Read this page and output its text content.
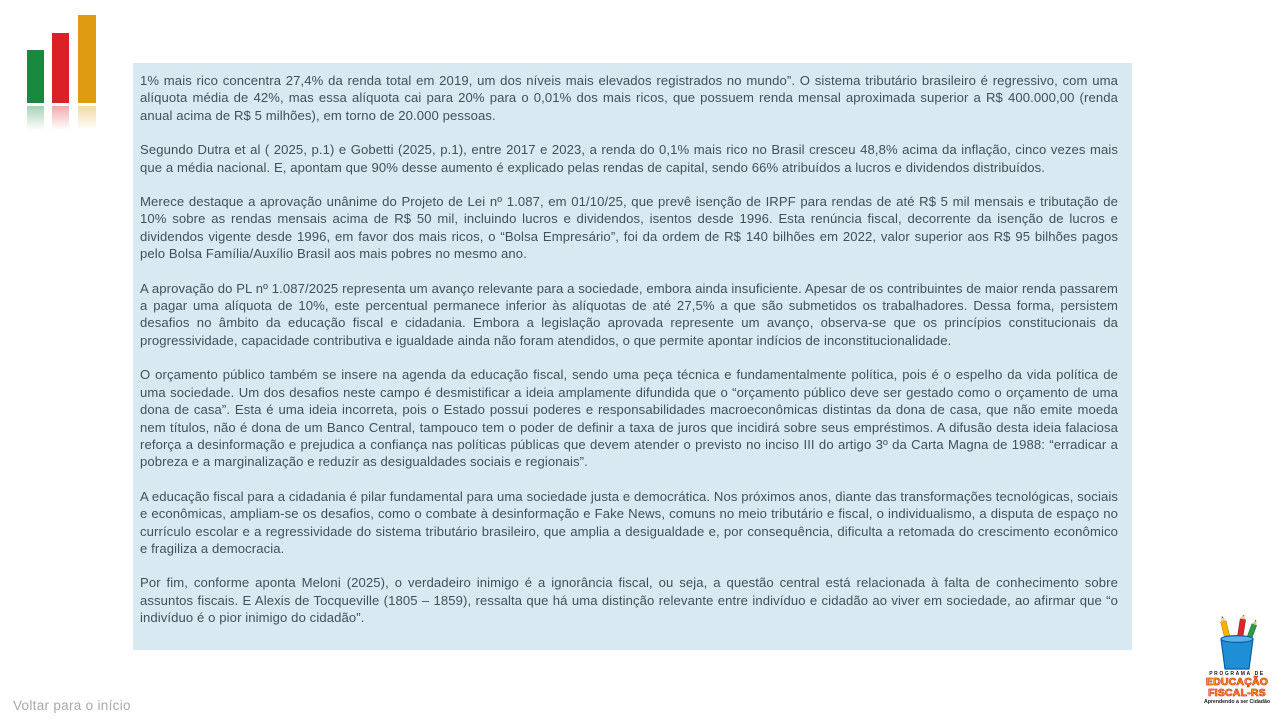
1% mais rico concentra 27,4% da renda total em 2019, um dos níveis mais elevados registrados no mundo”. O sistema tributário brasileiro é regressivo, com uma alíquota média de 42%, mas essa alíquota cai para 20% para o 0,01% dos mais ricos, que possuem renda mensal aproximada superior a R$ 400.000,00 (renda anual acima de R$ 5 milhões), em torno de 20.000 pessoas.

Segundo Dutra et al ( 2025, p.1) e Gobetti (2025, p.1), entre 2017 e 2023, a renda do 0,1% mais rico no Brasil cresceu 48,8% acima da inflação, cinco vezes mais que a média nacional. E, apontam que 90% desse aumento é explicado pelas rendas de capital, sendo 66% atribuídos a lucros e dividendos distribuídos.

Merece destaque a aprovação unânime do Projeto de Lei nº 1.087, em 01/10/25, que prevê isenção de IRPF para rendas de até R$ 5 mil mensais e tributação de 10% sobre as rendas mensais acima de R$ 50 mil, incluindo lucros e dividendos, isentos desde 1996. Esta renúncia fiscal, decorrente da isenção de lucros e dividendos vigente desde 1996, em favor dos mais ricos, o “Bolsa Empresário”, foi da ordem de R$ 140 bilhões em 2022, valor superior aos R$ 95 bilhões pagos pelo Bolsa Família/Auxílio Brasil aos mais pobres no mesmo ano.

A aprovação do PL nº 1.087/2025 representa um avanço relevante para a sociedade, embora ainda insuficiente. Apesar de os contribuintes de maior renda passarem a pagar uma alíquota de 10%, este percentual permanece inferior às alíquotas de até 27,5% a que são submetidos os trabalhadores. Dessa forma, persistem desafios no âmbito da educação fiscal e cidadania. Embora a legislação aprovada represente um avanço, observa-se que os princípios constitucionais da progressividade, capacidade contributiva e igualdade ainda não foram atendidos, o que permite apontar indícios de inconstitucionalidade.

O orçamento público também se insere na agenda da educação fiscal, sendo uma peça técnica e fundamentalmente política, pois é o espelho da vida política de uma sociedade. Um dos desafios neste campo é desmistificar a ideia amplamente difundida que o “orçamento público deve ser gestado como o orçamento de uma dona de casa”. Esta é uma ideia incorreta, pois o Estado possui poderes e responsabilidades macroeconômicas distintas da dona de casa, que não emite moeda nem títulos, não é dona de um Banco Central, tampouco tem o poder de definir a taxa de juros que incidirá sobre seus empréstimos. A difusão desta ideia falaciosa reforça a desinformação e prejudica a confiança nas políticas públicas que devem atender o previsto no inciso III do artigo 3º da Carta Magna de 1988: “erradicar a pobreza e a marginalização e reduzir as desigualdades sociais e regionais”.

A educação fiscal para a cidadania é pilar fundamental para uma sociedade justa e democrática. Nos próximos anos, diante das transformações tecnológicas, sociais e econômicas, ampliam-se os desafios, como o combate à desinformação e Fake News, comuns no meio tributário e fiscal, o individualismo, a disputa de espaço no currículo escolar e a regressividade do sistema tributário brasileiro, que amplia a desigualdade e, por consequência, dificulta a retomada do crescimento econômico e fragiliza a democracia.

Por fim, conforme aponta Meloni (2025), o verdadeiro inimigo é a ignorância fiscal, ou seja, a questão central está relacionada à falta de conhecimento sobre assuntos fiscais. E Alexis de Tocqueville (1805 – 1859), ressalta que há uma distinção relevante entre indivíduo e cidadão ao viver em sociedade, ao afirmar que “o indivíduo é o pior inimigo do cidadão”.

Voltar para o início
PROGRAMA DE
EDUCAÇÃO
FISCAL-RS
Aprendendo a ser Cidadão
